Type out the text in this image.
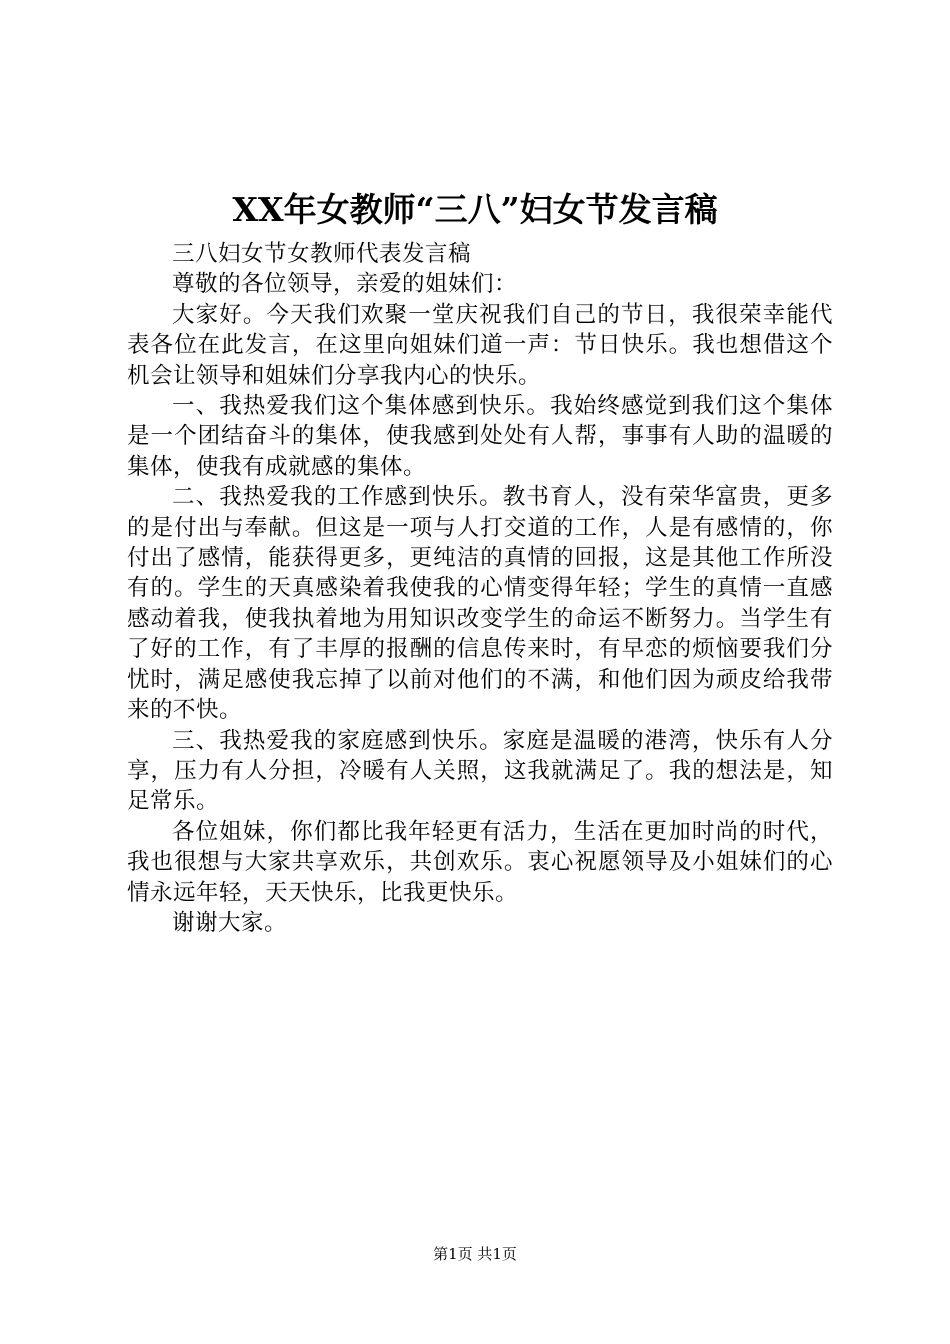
XX年女教师“三八”妇女节发言稿

三八妇女节女教师代表发言稿

尊敬的各位领导，亲爱的姐妹们：

大家好。今天我们欢聚一堂庆祝我们自己的节日，我很荣幸能代表各位在此发言，在这里向姐妹们道一声：节日快乐。我也想借这个机会让领导和姐妹们分享我内心的快乐。

一、我热爱我们这个集体感到快乐。我始终感觉到我们这个集体是一个团结奋斗的集体，使我感到处处有人帮，事事有人助的温暖的集体，使我有成就感的集体。

二、我热爱我的工作感到快乐。教书育人，没有荣华富贵，更多的是付出与奉献。但这是一项与人打交道的工作，人是有感情的，你付出了感情，能获得更多，更纯洁的真情的回报，这是其他工作所没有的。学生的天真感染着我使我的心情变得年轻；学生的真情一直感感动着我，使我执着地为用知识改变学生的命运不断努力。当学生有了好的工作，有了丰厚的报酬的信息传来时，有早恋的烦恼要我们分忧时，满足感使我忘掉了以前对他们的不满，和他们因为顽皮给我带来的不快。

三、我热爱我的家庭感到快乐。家庭是温暖的港湾，快乐有人分享，压力有人分担，冷暖有人关照，这我就满足了。我的想法是，知足常乐。

各位姐妹，你们都比我年轻更有活力，生活在更加时尚的时代，我也很想与大家共享欢乐，共创欢乐。衷心祝愿领导及小姐妹们的心情永远年轻，天天快乐，比我更快乐。

谢谢大家。

第1页 共1页
